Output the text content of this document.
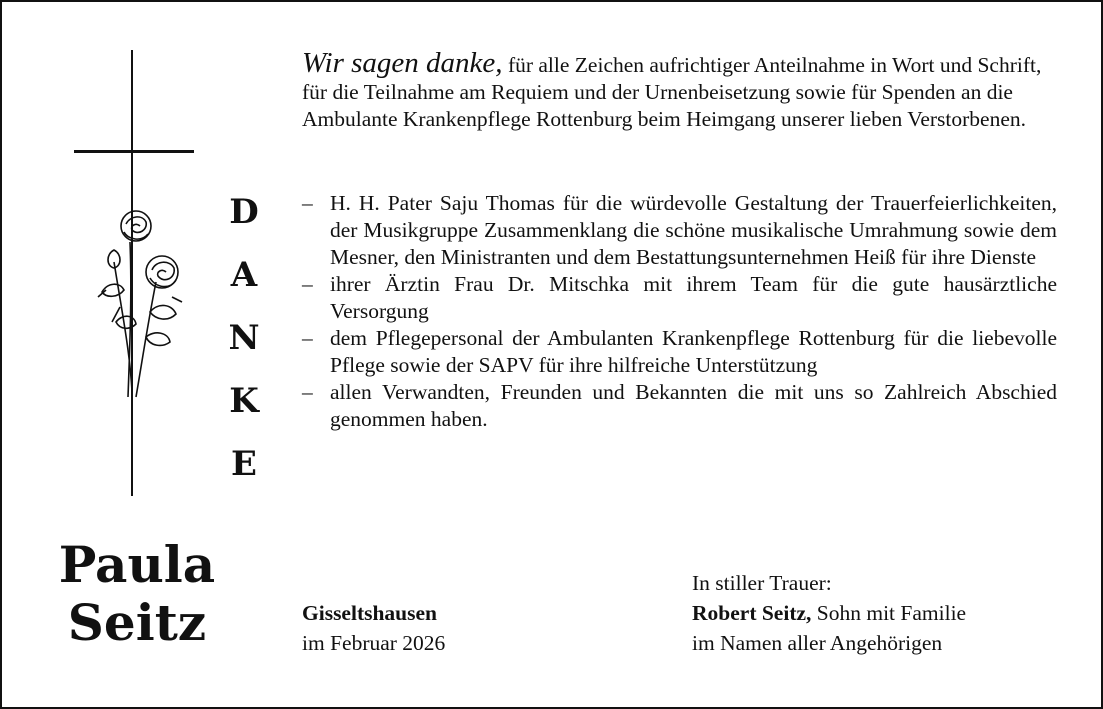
D
A
N
K
E
Paula
Seitz
Wir sagen danke, für alle Zeichen aufrichtiger Anteilnahme in Wort und Schrift, für die Teilnahme am Requiem und der Urnenbeisetzung sowie für Spenden an die Ambulante Krankenpflege Rottenburg beim Heimgang unserer lieben Verstorbenen.
– H. H. Pater Saju Thomas für die würdevolle Gestaltung der Trauerfeierlichkeiten, der Musikgruppe Zusammenklang die schöne musikalische Umrahmung sowie dem Mesner, den Ministranten und dem Bestattungsunternehmen Heiß für ihre Dienste
– ihrer Ärztin Frau Dr. Mitschka mit ihrem Team für die gute hausärztliche Versorgung
– dem Pflegepersonal der Ambulanten Krankenpflege Rottenburg für die liebevolle Pflege sowie der SAPV für ihre hilfreiche Unterstützung
– allen Verwandten, Freunden und Bekannten die mit uns so Zahlreich Abschied genommen haben.
Gisseltshausen
im Februar 2026
In stiller Trauer:
Robert Seitz, Sohn mit Familie
im Namen aller Angehörigen
